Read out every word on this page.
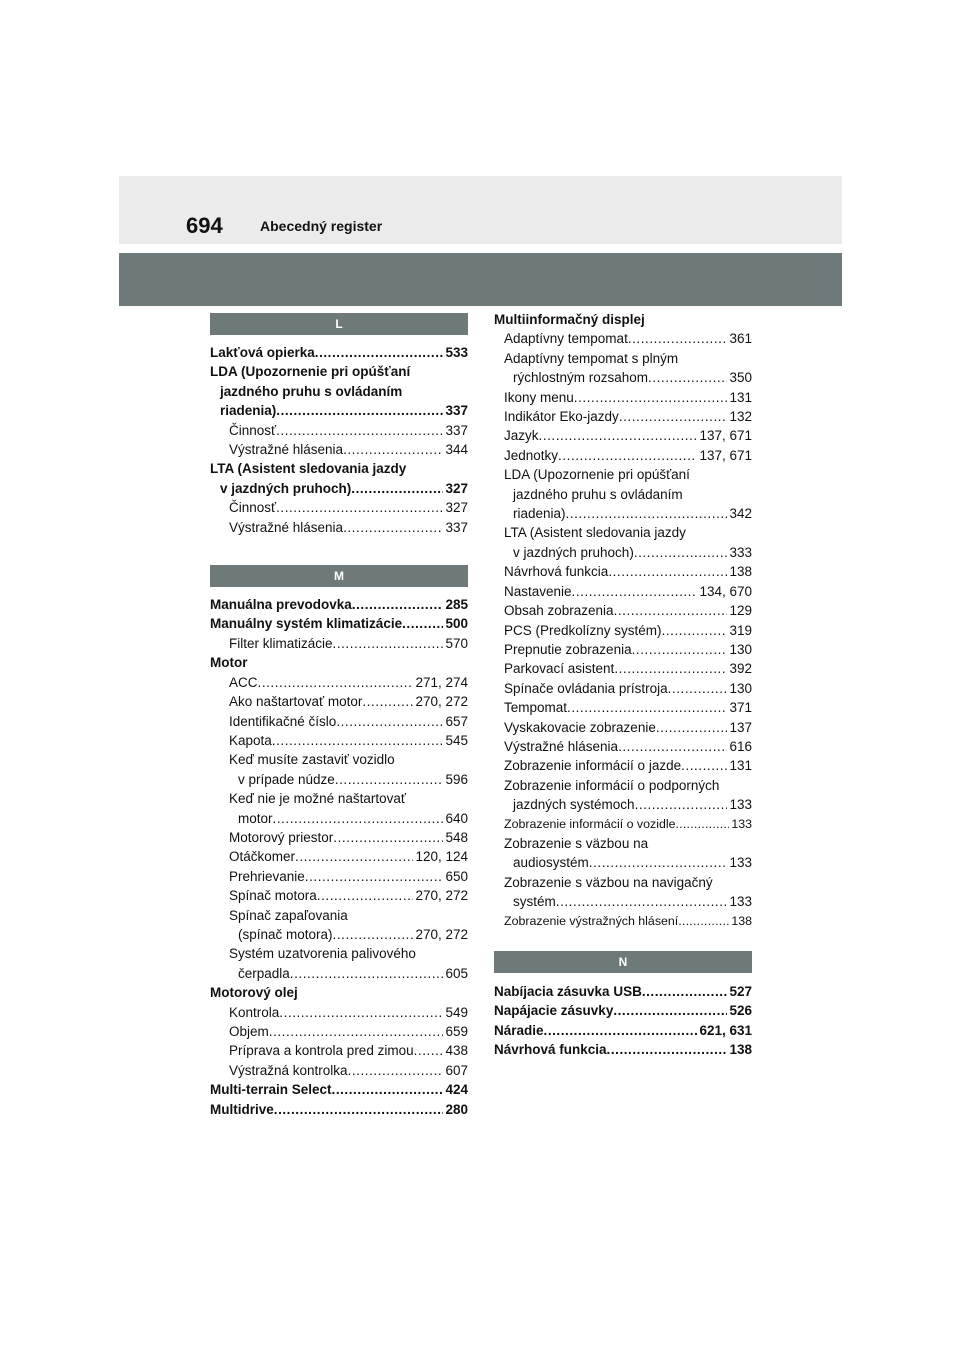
694	Abecedný register
L
Lakťová opierka . . .	533
LDA (Upozornenie pri opúšťaní
jazdného pruhu s ovládaním
riadenia) . . .	337
Činnosť . . .	337
Výstražné hlásenia . . .	344
LTA (Asistent sledovania jazdy
v jazdných pruhoch) . . .	327
Činnosť . . .	327
Výstražné hlásenia . . .	337
M
Manuálna prevodovka . . .	285
Manuálny systém klimatizácie . . .	500
Filter klimatizácie . . .	570
Motor
ACC . . .	271, 274
Ako naštartovať motor . . .	270, 272
Identifikačné číslo . . .	657
Kapota . . .	545
Keď musíte zastaviť vozidlo
v prípade núdze . . .	596
Keď nie je možné naštartovať
motor . . .	640
Motorový priestor . . .	548
Otáčkomer . . .	120, 124
Prehrievanie . . .	650
Spínač motora . . .	270, 272
Spínač zapaľovania
(spínač motora) . . .	270, 272
Systém uzatvorenia palivového
čerpadla . . .	605
Motorový olej
Kontrola . . .	549
Objem . . .	659
Príprava a kontrola pred zimou . . . 438
Výstražná kontrolka . . .	607
Multi-terrain Select . . .	424
Multidrive . . .	280
Multiinformačný displej
Adaptívny tempomat . . .	361
Adaptívny tempomat s plným
rýchlostným rozsahom . . .	350
Ikony menu . . .	131
Indikátor Eko-jazdy . . .	132
Jazyk . . .	137, 671
Jednotky . . .	137, 671
LDA (Upozornenie pri opúšťaní
jazdného pruhu s ovládaním
riadenia) . . .	342
LTA (Asistent sledovania jazdy
v jazdných pruhoch) . . .	333
Návrhová funkcia . . .	138
Nastavenie . . .	134, 670
Obsah zobrazenia . . .	129
PCS (Predkolízny systém) . . .	319
Prepnutie zobrazenia . . .	130
Parkovací asistent . . .	392
Spínače ovládania prístroja . . .	130
Tempomat . . .	371
Vyskakovacie zobrazenie . . .	137
Výstražné hlásenia . . .	616
Zobrazenie informácií o jazde . . .	131
Zobrazenie informácií o podporných
jazdných systémoch . . .	133
Zobrazenie informácií o vozidle . . .	133
Zobrazenie s väzbou na
audiosystém . . .	133
Zobrazenie s väzbou na navigačný
systém . . .	133
Zobrazenie výstražných hlásení . . .	138
N
Nabíjacia zásuvka USB . . .	527
Napájacie zásuvky . . .	526
Náradie . . .	621, 631
Návrhová funkcia . . .	138
